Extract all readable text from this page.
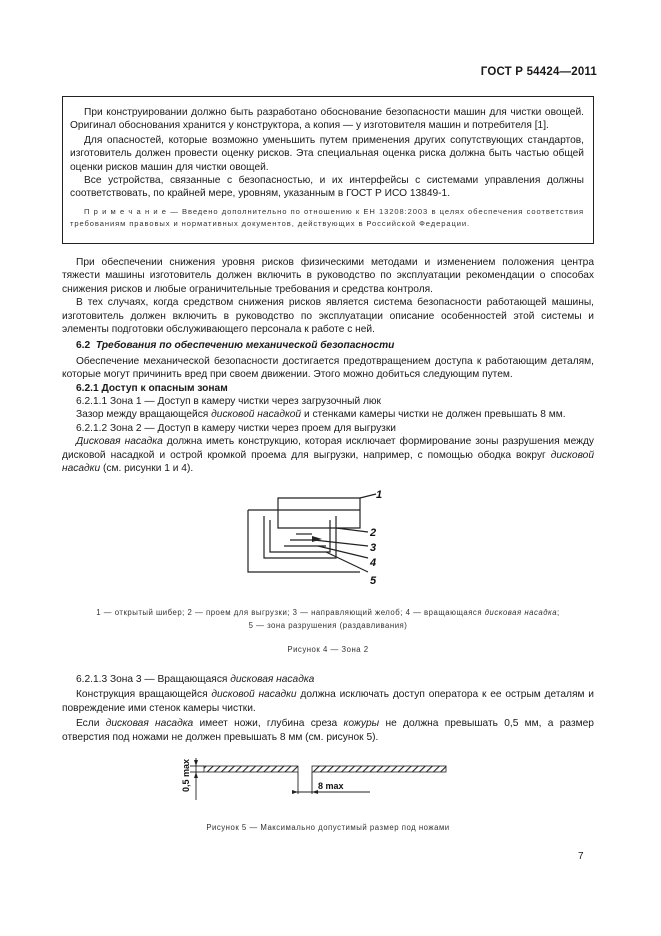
ГОСТ Р 54424—2011

При конструировании должно быть разработано обоснование безопасности машин для чистки овощей. Оригинал обоснования хранится у конструктора, а копия — у изготовителя машин и потребителя [1].

Для опасностей, которые возможно уменьшить путем применения других сопутствующих стандартов, изготовитель должен провести оценку рисков. Эта специальная оценка риска должна быть частью общей оценки рисков машин для чистки овощей.

Все устройства, связанные с безопасностью, и их интерфейсы с системами управления должны соответствовать, по крайней мере, уровням, указанным в ГОСТ Р ИСО 13849-1.

П р и м е ч а н и е — Введено дополнительно по отношению к ЕН 13208:2003 в целях обеспечения соответствия требованиям правовых и нормативных документов, действующих в Российской Федерации.

При обеспечении снижения уровня рисков физическими методами и изменением положения центра тяжести машины изготовитель должен включить в руководство по эксплуатации рекомендации о способах снижения рисков и любые ограничительные требования и средства контроля.

В тех случаях, когда средством снижения рисков является система безопасности работающей машины, изготовитель должен включить в руководство по эксплуатации описание особенностей этой системы и элементы подготовки обслуживающего персонала к работе с ней.

6.2 Требования по обеспечению механической безопасности

Обеспечение механической безопасности достигается предотвращением доступа к работающим деталям, которые могут причинить вред при своем движении. Этого можно добиться следующим путем.

6.2.1 Доступ к опасным зонам

6.2.1.1 Зона 1 — Доступ в камеру чистки через загрузочный люк

Зазор между вращающейся дисковой насадкой и стенками камеры чистки не должен превышать 8 мм.

6.2.1.2 Зона 2 — Доступ в камеру чистки через проем для выгрузки

Дисковая насадка должна иметь конструкцию, которая исключает формирование зоны разрушения между дисковой насадкой и острой кромкой проема для выгрузки, например, с помощью ободка вокруг дисковой насадки (см. рисунки 1 и 4).

1
2
3
4
5
1 — открытый шибер; 2 — проем для выгрузки; 3 — направляющий желоб; 4 — вращающаяся дисковая насадка;
5 — зона разрушения (раздавливания)
Рисунок 4 — Зона 2

6.2.1.3 Зона 3 — Вращающаяся дисковая насадка

Конструкция вращающейся дисковой насадки должна исключать доступ оператора к ее острым деталям и повреждение ими стенок камеры чистки.

Если дисковая насадка имеет ножи, глубина среза кожуры не должна превышать 0,5 мм, а размер отверстия под ножами не должен превышать 8 мм (см. рисунок 5).

0,5 max	8 max
Рисунок 5 — Максимально допустимый размер под ножами
7
